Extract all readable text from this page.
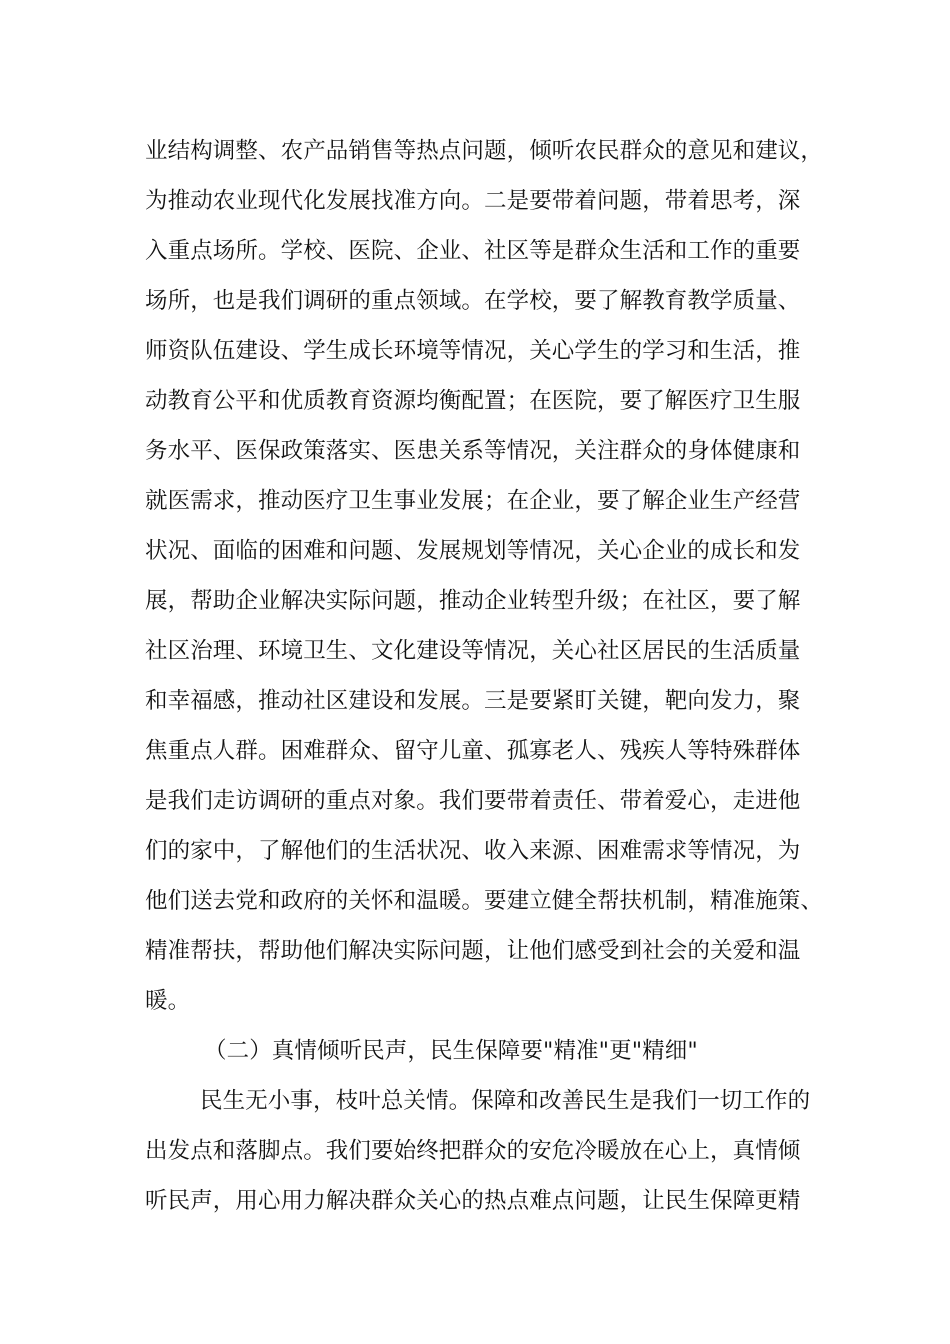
业结构调整、农产品销售等热点问题，倾听农民群众的意见和建议，
为推动农业现代化发展找准方向。二是要带着问题，带着思考，深
入重点场所。学校、医院、企业、社区等是群众生活和工作的重要
场所，也是我们调研的重点领域。在学校，要了解教育教学质量、
师资队伍建设、学生成长环境等情况，关心学生的学习和生活，推
动教育公平和优质教育资源均衡配置；在医院，要了解医疗卫生服
务水平、医保政策落实、医患关系等情况，关注群众的身体健康和
就医需求，推动医疗卫生事业发展；在企业，要了解企业生产经营
状况、面临的困难和问题、发展规划等情况，关心企业的成长和发
展，帮助企业解决实际问题，推动企业转型升级；在社区，要了解
社区治理、环境卫生、文化建设等情况，关心社区居民的生活质量
和幸福感，推动社区建设和发展。三是要紧盯关键，靶向发力，聚
焦重点人群。困难群众、留守儿童、孤寡老人、残疾人等特殊群体
是我们走访调研的重点对象。我们要带着责任、带着爱心，走进他
们的家中，了解他们的生活状况、收入来源、困难需求等情况，为
他们送去党和政府的关怀和温暖。要建立健全帮扶机制，精准施策、
精准帮扶，帮助他们解决实际问题，让他们感受到社会的关爱和温
暖。
（二）真情倾听民声，民生保障要"精准"更"精细"
民生无小事，枝叶总关情。保障和改善民生是我们一切工作的
出发点和落脚点。我们要始终把群众的安危冷暖放在心上，真情倾
听民声，用心用力解决群众关心的热点难点问题，让民生保障更精
